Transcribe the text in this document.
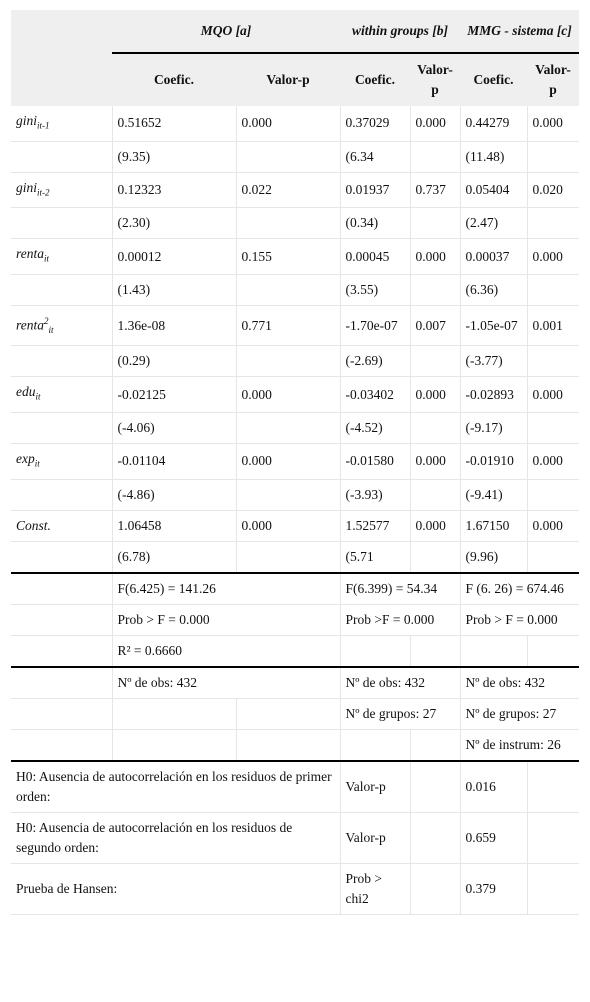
	MQO [a]		within groups [b]		MMG - sistema [c]	
	Coefic.	Valor-p	Coefic.	Valor-p	Coefic.	Valor-p
gini$_{it-1}$	0.51652	0.000	0.37029	0.000	0.44279	0.000
	(9.35)		(6.34		(11.48)	
gini$_{it-2}$	0.12323	0.022	0.01937	0.737	0.05404	0.020
	(2.30)		(0.34)		(2.47)	
renta$_{it}$	0.00012	0.155	0.00045	0.000	0.00037	0.000
	(1.43)		(3.55)		(6.36)	
renta$^2_{it}$	1.36e-08	0.771	-1.70e-07	0.007	-1.05e-07	0.001
	(0.29)		(-2.69)		(-3.77)	
edu$_{it}$	-0.02125	0.000	-0.03402	0.000	-0.02893	0.000
	(-4.06)		(-4.52)		(-9.17)	
$\exp_{it}$	-0.01104	0.000	-0.01580	0.000	-0.01910	0.000
	(-4.86)		(-3.93)		(-9.41)	
Const.	1.06458	0.000	1.52577	0.000	1.67150	0.000
	(6.78)		(5.71		(9.96)	
	F(6.425) = 141.26		F(6.399) = 54.34		F (6. 26) = 674.46	
	Prob > F = 0.000		Prob >F = 0.000		Prob > F = 0.000	
	R² = 0.6660					
	Nº de obs: 432		Nº de obs: 432		Nº de obs: 432	
			Nº de grupos: 27		Nº de grupos: 27	
					Nº de instrum: 26	
H0: Ausencia de autocorrelación en los residuos de primer orden:			Valor-p		0.016	
H0: Ausencia de autocorrelación en los residuos de segundo orden:			Valor-p		0.659	
Prueba de Hansen:			Prob > chi2		0.379	
